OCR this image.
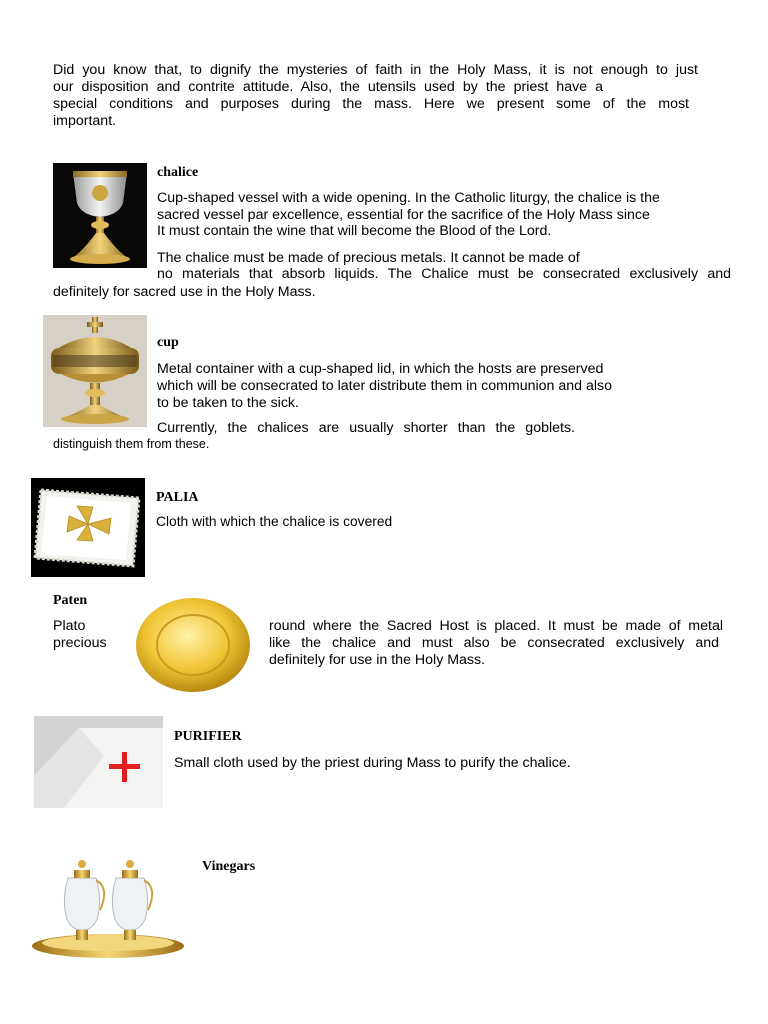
Did you know that, to dignify the mysteries of faith in the Holy Mass, it is not enough to just
our disposition and contrite attitude. Also, the utensils used by the priest have a
special conditions and purposes during the mass. Here we present some of the most
important.
chalice
Cup-shaped vessel with a wide opening. In the Catholic liturgy, the chalice is the
sacred vessel par excellence, essential for the sacrifice of the Holy Mass since
It must contain the wine that will become the Blood of the Lord.
The chalice must be made of precious metals. It cannot be made of
no materials that absorb liquids. The Chalice must be consecrated exclusively and
definitely for sacred use in the Holy Mass.
cup
Metal container with a cup-shaped lid, in which the hosts are preserved
which will be consecrated to later distribute them in communion and also
to be taken to the sick.
Currently, the chalices are usually shorter than the goblets.
distinguish them from these.
PALIA
Cloth with which the chalice is covered
Paten
Plato
precious
round where the Sacred Host is placed. It must be made of metal
like the chalice and must also be consecrated exclusively and
definitely for use in the Holy Mass.
PURIFIER
Small cloth used by the priest during Mass to purify the chalice.
Vinegars
